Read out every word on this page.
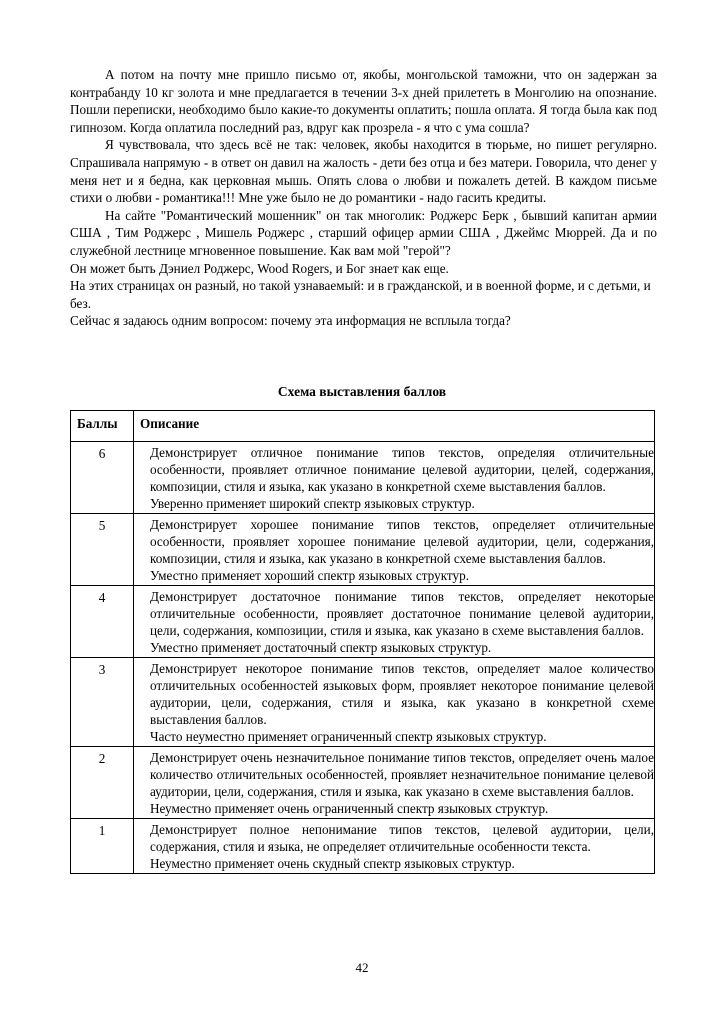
А потом на почту мне пришло письмо от, якобы, монгольской таможни, что он задержан за контрабанду 10 кг золота и мне предлагается в течении 3-х дней прилететь в Монголию на опознание. Пошли переписки, необходимо было какие-то документы оплатить; пошла оплата. Я тогда была как под гипнозом. Когда оплатила последний раз, вдруг как прозрела - я что с ума сошла?

Я чувствовала, что здесь всё не так: человек, якобы находится в тюрьме, но пишет регулярно. Спрашивала напрямую - в ответ он давил на жалость - дети без отца и без матери. Говорила, что денег у меня нет и я бедна, как церковная мышь. Опять слова о любви и пожалеть детей. В каждом письме стихи о любви - романтика!!! Мне уже было не до романтики - надо гасить кредиты.

На сайте "Романтический мошенник" он так многолик: Роджерс Берк , бывший капитан армии США , Тим Роджерс , Мишель Роджерс , старший офицер армии США , Джеймс Мюррей. Да и по служебной лестнице мгновенное повышение. Как вам мой "герой"?

Он может быть Дэниел Роджерс, Wood Rogers, и Бог знает как еще.

На этих страницах он разный, но такой узнаваемый: и в гражданской, и в военной форме, и с детьми, и без.

Сейчас я задаюсь одним вопросом: почему эта информация не всплыла тогда?

Схема выставления баллов
Баллы	Описание
6	Демонстрирует отличное понимание типов текстов, определяя отличительные особенности, проявляет отличное понимание целевой аудитории, целей, содержания, композиции, стиля и языка, как указано в конкретной схеме выставления баллов.
Уверенно применяет широкий спектр языковых структур.

5	Демонстрирует хорошее понимание типов текстов, определяет отличительные особенности, проявляет хорошее понимание целевой аудитории, цели, содержания, композиции, стиля и языка, как указано в конкретной схеме выставления баллов.
Уместно применяет хороший спектр языковых структур.

4	Демонстрирует достаточное понимание типов текстов, определяет некоторые отличительные особенности, проявляет достаточное понимание целевой аудитории, цели, содержания, композиции, стиля и языка, как указано в схеме выставления баллов.
Уместно применяет достаточный спектр языковых структур.

3	Демонстрирует некоторое понимание типов текстов, определяет малое количество отличительных особенностей языковых форм, проявляет некоторое понимание целевой аудитории, цели, содержания, стиля и языка, как указано в конкретной схеме выставления баллов.
Часто неуместно применяет ограниченный спектр языковых структур.

2	Демонстрирует очень незначительное понимание типов текстов, определяет очень малое количество отличительных особенностей, проявляет незначительное понимание целевой аудитории, цели, содержания, стиля и языка, как указано в схеме выставления баллов.
Неуместно применяет очень ограниченный спектр языковых структур.

1	Демонстрирует полное непонимание типов текстов, целевой аудитории, цели, содержания, стиля и языка, не определяет отличительные особенности текста.
Неуместно применяет очень скудный спектр языковых структур.
42
